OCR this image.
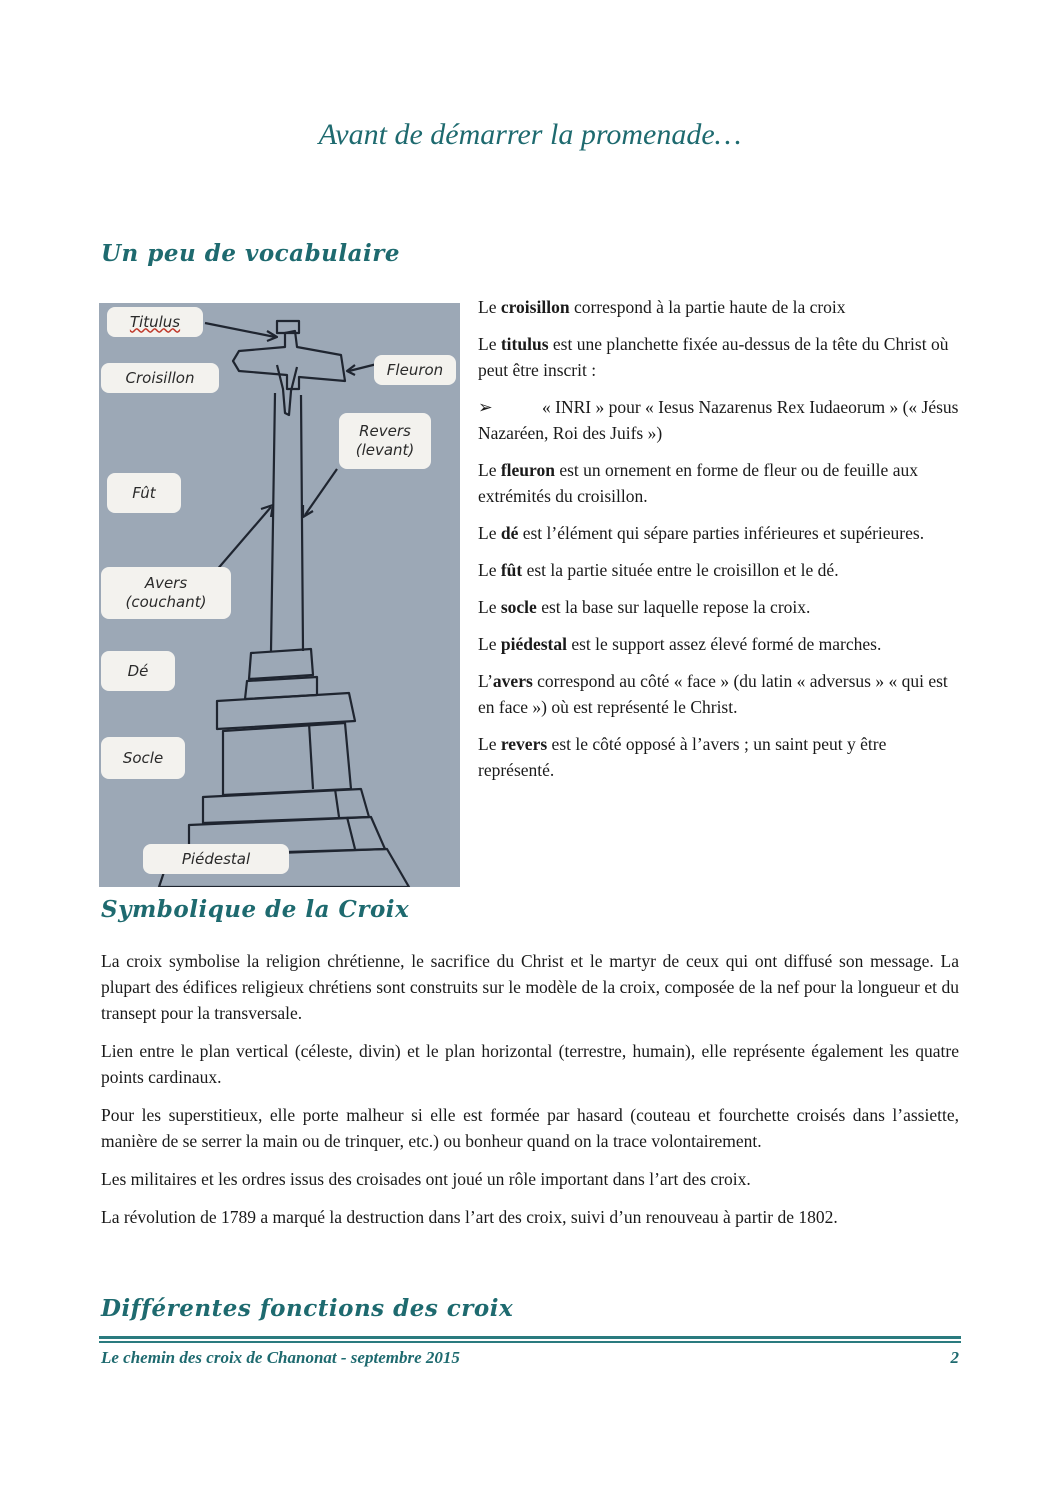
Avant de démarrer la promenade…
Un peu de vocabulaire
Titulus
Croisillon	Fleuron
Revers
(levant)
Fût
Avers
(couchant)
Dé
Socle
Piédestal

Le croisillon correspond à la partie haute de la croix

Le titulus est une planchette fixée au-dessus de la tête du Christ où peut être inscrit :

➢	« INRI » pour « Iesus Nazarenus Rex Iudaeorum » (« Jésus Nazaréen, Roi des Juifs »)

Le fleuron est un ornement en forme de fleur ou de feuille aux extrémités du croisillon.

Le dé est l’élément qui sépare parties inférieures et supérieures.

Le fût est la partie située entre le croisillon et le dé.

Le socle est la base sur laquelle repose la croix.

Le piédestal est le support assez élevé formé de marches.

L’avers correspond au côté « face » (du latin « adversus » « qui est en face ») où est représenté le Christ.

Le revers est le côté opposé à l’avers ; un saint peut y être représenté.

Symbolique de la Croix

La croix symbolise la religion chrétienne, le sacrifice du Christ et le martyr de ceux qui ont diffusé son message. La plupart des édifices religieux chrétiens sont construits sur le modèle de la croix, composée de la nef pour la longueur et du transept pour la transversale.

Lien entre le plan vertical (céleste, divin) et le plan horizontal (terrestre, humain), elle représente également les quatre points cardinaux.

Pour les superstitieux, elle porte malheur si elle est formée par hasard (couteau et fourchette croisés dans l’assiette, manière de se serrer la main ou de trinquer, etc.) ou bonheur quand on la trace volontairement.

Les militaires et les ordres issus des croisades ont joué un rôle important dans l’art des croix.

La révolution de 1789 a marqué la destruction dans l’art des croix, suivi d’un renouveau à partir de 1802.

Différentes fonctions des croix
Le chemin des croix de Chanonat - septembre 2015	2
